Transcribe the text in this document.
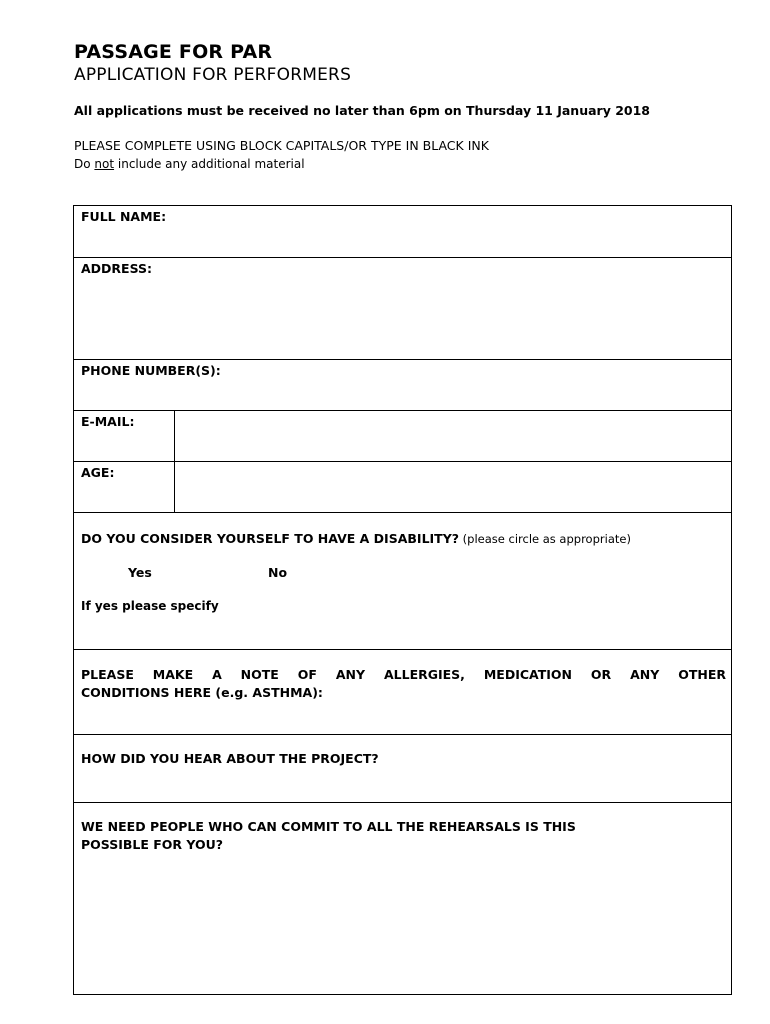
PASSAGE FOR PAR
APPLICATION FOR PERFORMERS
All applications must be received no later than 6pm on Thursday 11 January 2018
PLEASE COMPLETE USING BLOCK CAPITALS/OR TYPE IN BLACK INK
Do not include any additional material
FULL NAME:
ADDRESS:
PHONE NUMBER(S):
E-MAIL:
AGE:
DO YOU CONSIDER YOURSELF TO HAVE A DISABILITY? (please circle as appropriate)
Yes	No
If yes please specify
PLEASE MAKE A NOTE OF ANY ALLERGIES, MEDICATION OR ANY OTHER
CONDITIONS HERE (e.g. ASTHMA):
HOW DID YOU HEAR ABOUT THE PROJECT?
WE NEED PEOPLE WHO CAN COMMIT TO ALL THE REHEARSALS IS THIS
POSSIBLE FOR YOU?
